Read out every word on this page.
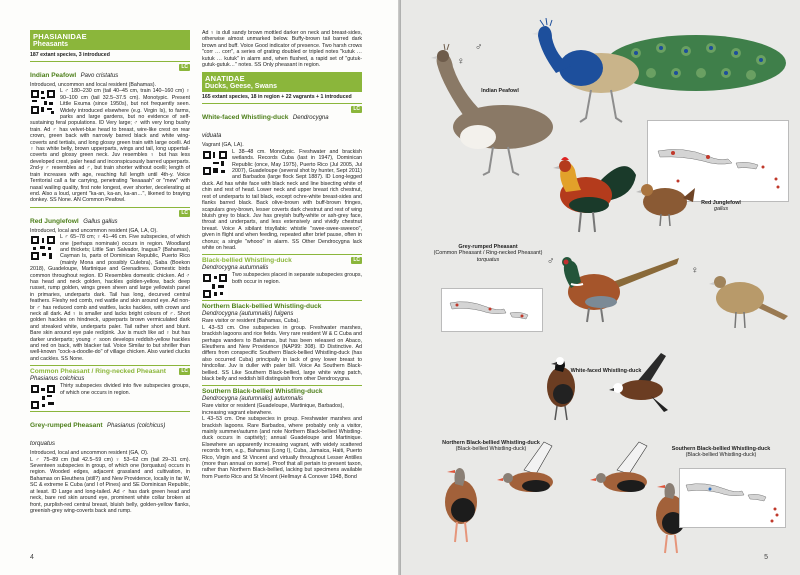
PHASIANIDAE
Pheasants
187 extant species, 3 introduced
Indian Peafowl Pavo cristatus
LC
Introduced, uncommon and local resident (Bahamas).
L ♂ 180–230 cm (tail 40–45 cm, train 140–160 cm) ♀ 90–100 cm (tail 32.5–37.5 cm). Monotypic. Present Little Exuma (since 1950s), but not frequently seen. Widely introduced elsewhere (e.g. Virgin Is), to farms, parks and large gardens, but no evidence of self-sustaining feral populations. ID Very large; ♂ with very long bushy train. Ad ♂ has velvet-blue head to breast, wire-like crest on rear crown, green back with narrowly barred black and white wing-coverts and tertials, and long glossy green train with large ocelli. Ad ♀ has white belly, brown upperparts, wings and tail, long uppertail-coverts and glossy green neck. Juv resembles ♀ but has less developed crest, paler head and inconspicuously barred upperparts. 2nd-y ♂ resembles ad ♂, but train shorter without ocelli; length of train increases with age, reaching full length until 4th-y. Voice Territorial call a far carrying, penetrating "keaaaah" or "mew" with nasal wailing quality, first note longest, ever shorter, decelerating at end. Also a loud, urgent "ka-an, ka-an, ka-an…", likened to braying donkey. SS None. AN Common Peafowl.
Red Junglefowl Gallus gallus
LC
Introduced, local and uncommon resident (GA, LA, O).
L ♂ 65–78 cm; ♀ 41–46 cm. Five subspecies, of which one (perhaps nominate) occurs in region. Woodland and thickets; Little San Salvador, Inagua? (Bahamas), Cayman Is, parts of Dominican Republic, Puerto Rico (mainly Mona and possibly Culebra), Saba (Boekon 2018), Guadeloupe, Martinique and Grenadines. Domestic birds common throughout region. ID Resembles domestic chicken. Ad ♂ has head and neck golden, hackles golden-yellow, back deep russet, rump golden, wings green sheen and large yellowish panel in primaries, underparts dark. Tail has long, decurved central feathers. Fleshy red comb, red wattle and skin around eye. Ad non-br ♂ has reduced comb and wattles, lacks hackles, with crown and neck all dark. Ad ♀ is smaller and lacks bright colours of ♂. Short golden hackles on hindneck, upperparts brown vermiculated dark and streaked white, underparts paler. Tail rather short and blunt. Bare skin around eye pale red/pink. Juv is much like ad ♀ but has darker underparts; young ♂ soon develops reddish-yellow hackles and red on back, with blacker tail. Voice Similar to but shriller than well-known "cock-a-doodle-do" of village chicken. Also varied clucks and cackles. SS None.
Common Pheasant / Ring-necked Pheasant	LC
Phasianus colchicus
Thirty subspecies divided into five subspecies groups, of which one occurs in region.
Grey-rumped Pheasant Phasianus (colchicus) torquatus
Introduced, local and uncommon resident (GA, O).
L ♂ 75–89 cm (tail 42.5–59 cm) ♀ 53–62 cm (tail 29–31 cm). Seventeen subspecies in group, of which one (torquatus) occurs in region. Wooded edges, adjacent grassland and cultivation, in Bahamas on Eleuthera (still?) and New Providence, locally in far W, SC & extreme E Cuba (and I of Pines) and SE Dominican Republic, at least. ID Large and long-tailed. Ad ♂ has dark green head and neck, bare red skin around eye, prominent white collar broken at front, purplish-red central breast, bluish belly, golden-yellow flanks, greenish-grey wing-coverts back and rump.
Ad ♀ is dull sandy brown mottled darker on neck and breast-sides, otherwise almost unmarked below. Buffy-brown tail barred dark brown and buff. Voice Good indicator of presence. Two harsh crows "corr … corr", a series of grating doubled or tripled notes "kutuk … kutuk … kutuk" in alarm and, when flushed, a rapid set of "gutuk-gutuk-gutuk…" notes. SS Only pheasant in region.
ANATIDAE
Ducks, Geese, Swans
165 extant species, 18 in region + 22 vagrants + 1 introduced
White-faced Whistling-duck Dendrocygna viduata
LC
Vagrant (GA, LA).
L 38–48 cm. Monotypic. Freshwater and brackish wetlands. Records Cuba (last in 1947), Dominican Republic (once, May 1975), Puerto Rico (Jul 2005, Jul 2007), Guadeloupe (several shot by hunter, Sept 2011) and Barbados (large flock Sept 1887). ID Long-legged duck. Ad has white face with black neck and line bisecting white of chin and rest of head. Lower neck and upper breast rich chestnut, rest of underparts to tail black, except ochre-white breast-sides and flanks barred black. Back olive-brown with buff-brown fringes, scapulars grey-brown, lesser coverts dark chestnut and rest of wing bluish grey to black. Juv has greyish buffy-white or ash-grey face, throat and underparts, and less extensively and vividly chestnut breast. Voice A sibilant trisyllabic whistle "swee-swee-sweeoo", given in flight and when feeding, repeated after brief pause, often in chorus; a single "whooo" in alarm. SS Other Dendrocygna lack white on head.
Black-bellied Whistling-duck	LC
Dendrocygna autumnalis
Two subspecies placed in separate subspecies groups, both occur in region.
Northern Black-bellied Whistling-duck
Dendrocygna (autumnalis) fulgens
Rare visitor or resident (Bahamas, Cuba).
L 43–53 cm. One subspecies in group. Freshwater marshes, brackish lagoons and rice fields. Very rare resident W & C Cuba and perhaps wanders to Bahamas, but has been released on Abaco, Eleuthera and New Providence (NAP99: 308). ID Distinctive. Ad differs from conspecific Southern Black-bellied Whistling-duck (has also occurred Cuba) principally in lack of grey lower breast to hindcollar. Juv is duller with paler bill. Voice As Southern Black-bellied. SS Like Southern Black-bellied, large white wing patch, black belly and reddish bill distinguish from other Dendrocygna.
Southern Black-bellied Whistling-duck
Dendrocygna (autumnalis) autumnalis
Rare visitor or resident (Guadeloupe, Martinique, Barbados), increasing vagrant elsewhere.
L 43–53 cm. One subspecies in group. Freshwater marshes and brackish lagoons. Rare Barbados, where probably only a visitor, mainly summer/autumn (and note Northern Black-bellied Whistling-duck occurs in captivity); annual Guadeloupe and Martinique. Elsewhere an apparently increasing vagrant, with widely scattered records from, e.g., Bahamas (Long I), Cuba, Jamaica, Haiti, Puerto Rico, Virgin and St Vincent and virtually throughout Lesser Antilles (more than annual on some). Proof that all pertain to present taxon, rather than Northern Black-bellied, lacking but specimens available from Puerto Rico and St Vincent (Hellmayr & Conover 1948, Bond
4
♂
♀
Indian Peafowl
Red Junglefowl
gallus
Grey-rumped Pheasant
(Common Pheasant / Ring-necked Pheasant)
torquatus	♂
♀
White-faced Whistling-duck
Northern Black-bellied Whistling-duck
(Black-bellied Whistling-duck)	Southern Black-bellied Whistling-duck
(Black-bellied Whistling-duck)
5
